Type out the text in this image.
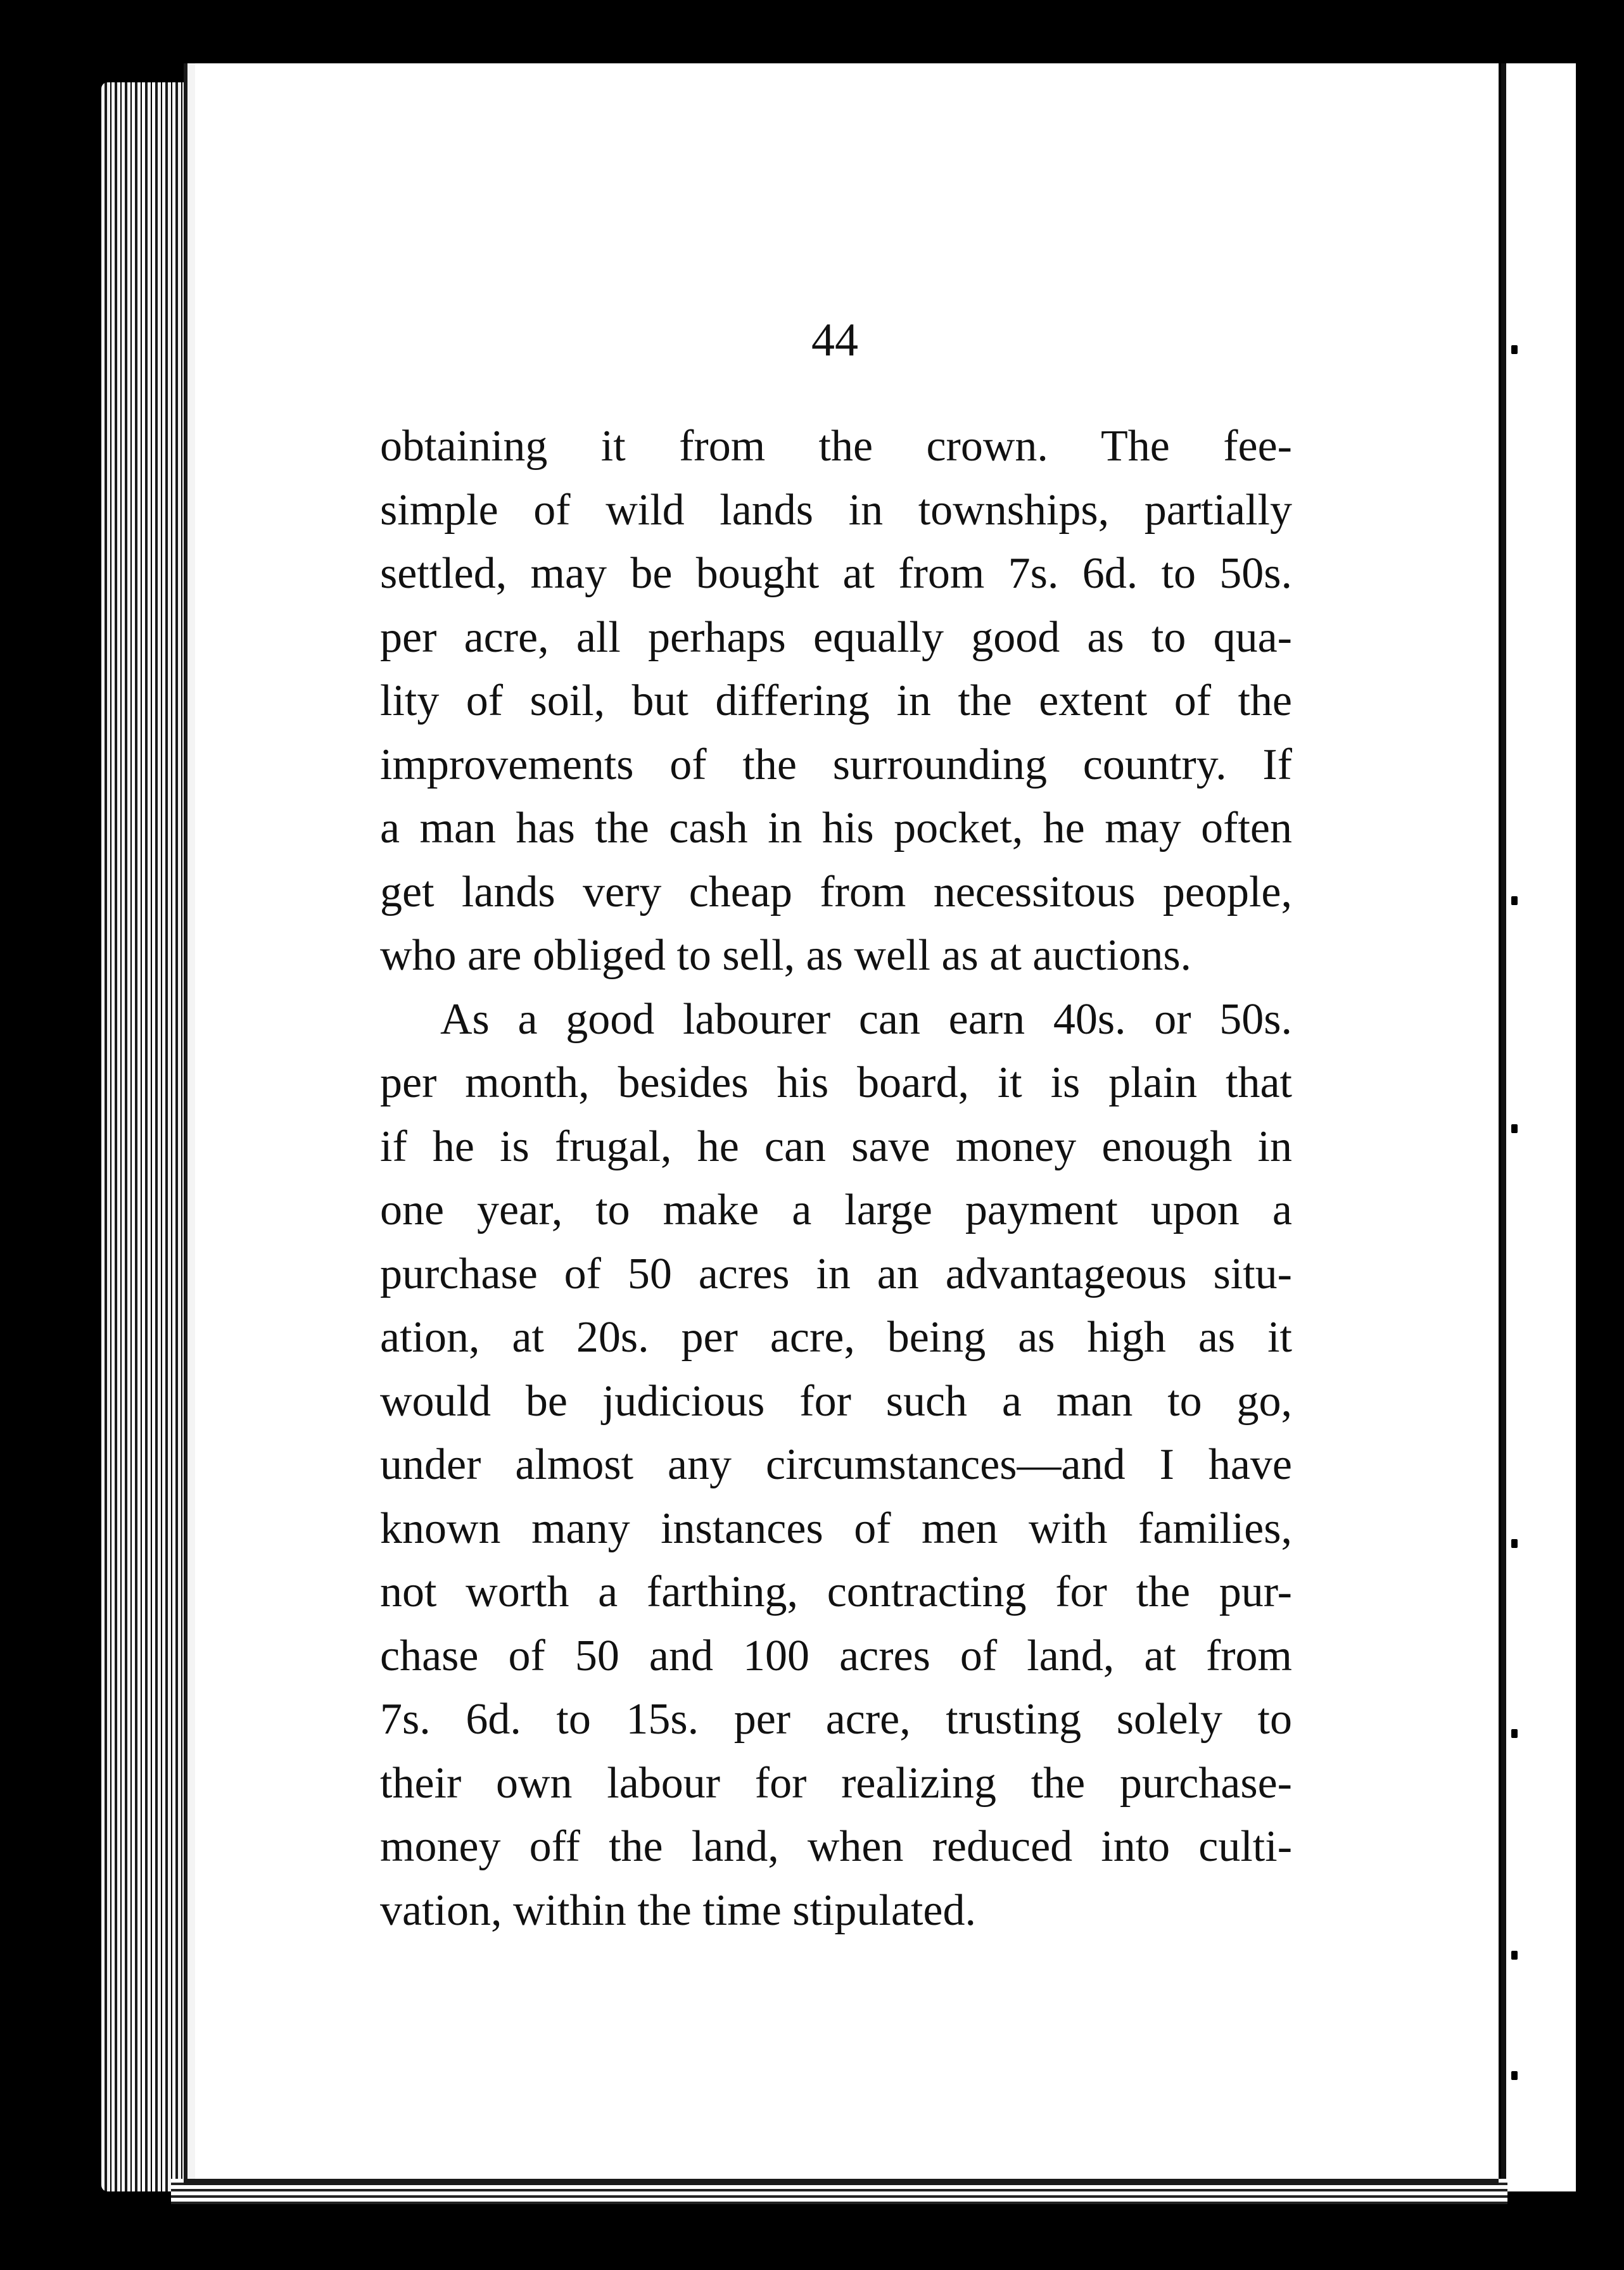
44
obtaining it from the crown. The fee-
simple of wild lands in townships, partially
settled, may be bought at from 7s. 6d. to 50s.
per acre, all perhaps equally good as to qua-
lity of soil, but differing in the extent of the
improvements of the surrounding country. If
a man has the cash in his pocket, he may often
get lands very cheap from necessitous people,
who are obliged to sell, as well as at auctions.
As a good labourer can earn 40s. or 50s.
per month, besides his board, it is plain that
if he is frugal, he can save money enough in
one year, to make a large payment upon a
purchase of 50 acres in an advantageous situ-
ation, at 20s. per acre, being as high as it
would be judicious for such a man to go,
under almost any circumstances—and I have
known many instances of men with families,
not worth a farthing, contracting for the pur-
chase of 50 and 100 acres of land, at from
7s. 6d. to 15s. per acre, trusting solely to
their own labour for realizing the purchase-
money off the land, when reduced into culti-
vation, within the time stipulated.
